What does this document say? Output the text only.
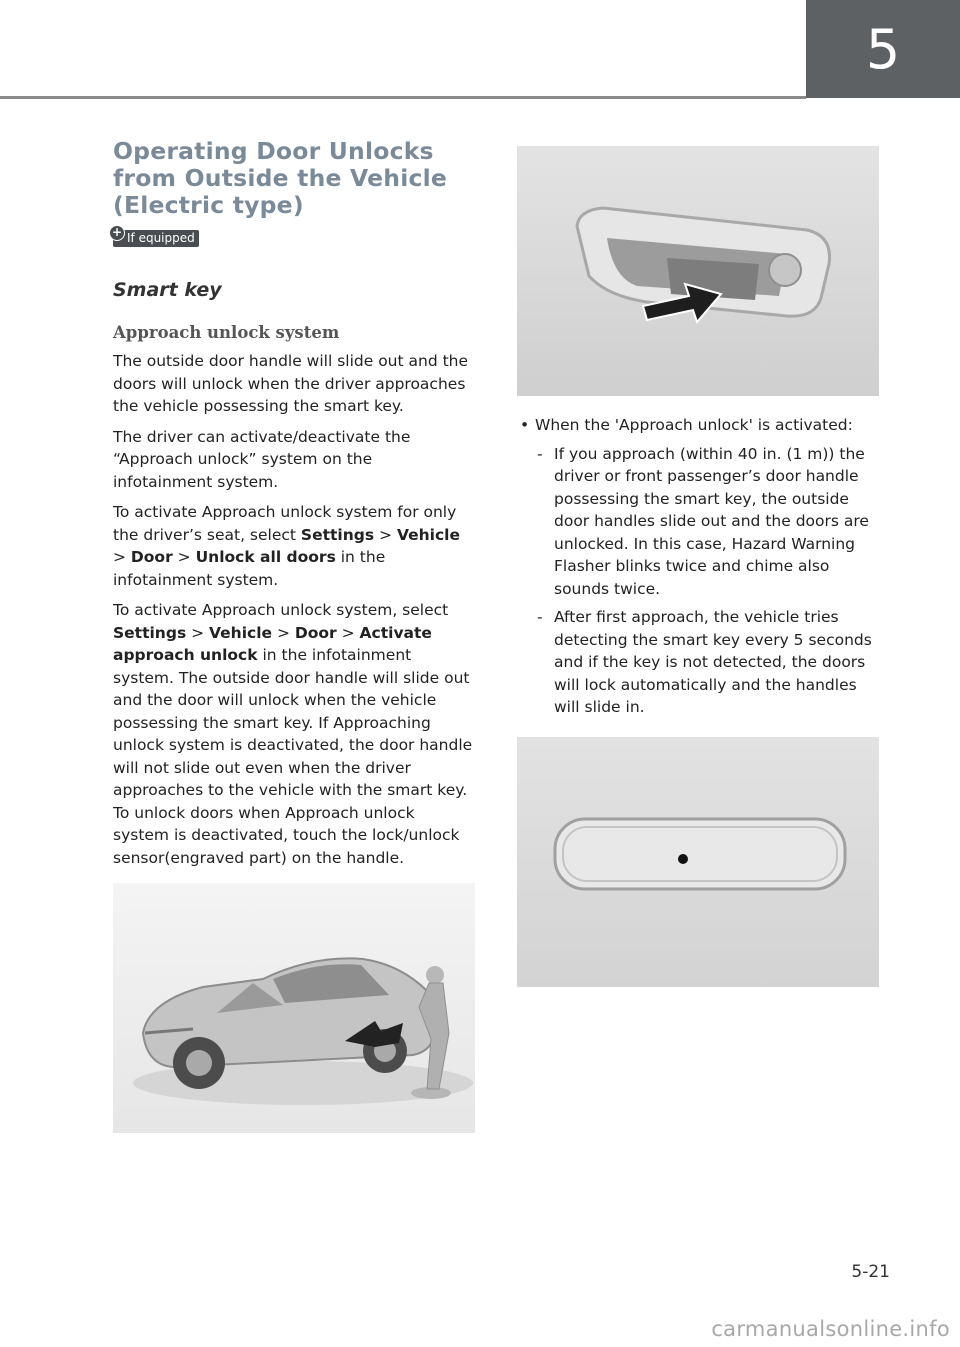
5
Operating Door Unlocks from Outside the Vehicle (Electric type)
+ If equipped
Smart key
Approach unlock system

The outside door handle will slide out and the doors will unlock when the driver approaches the vehicle possessing the smart key.

The driver can activate/deactivate the “Approach unlock” system on the infotainment system.

To activate Approach unlock system for only the driver’s seat, select Settings > Vehicle > Door > Unlock all doors in the infotainment system.

To activate Approach unlock system, select Settings > Vehicle > Door > Activate approach unlock in the infotainment system. The outside door handle will slide out and the door will unlock when the vehicle possessing the smart key. If Approaching unlock system is deactivated, the door handle will not slide out even when the driver approaches to the vehicle with the smart key. To unlock doors when Approach unlock system is deactivated, touch the lock/unlock sensor(engraved part) on the handle.

• When the 'Approach unlock' is activated:
- If you approach (within 40 in. (1 m)) the driver or front passenger’s door handle possessing the smart key, the outside door handles slide out and the doors are unlocked. In this case, Hazard Warning Flasher blinks twice and chime also sounds twice.
- After first approach, the vehicle tries detecting the smart key every 5 seconds and if the key is not detected, the doors will lock automatically and the handles will slide in.
5-21
carmanualsonline.info
